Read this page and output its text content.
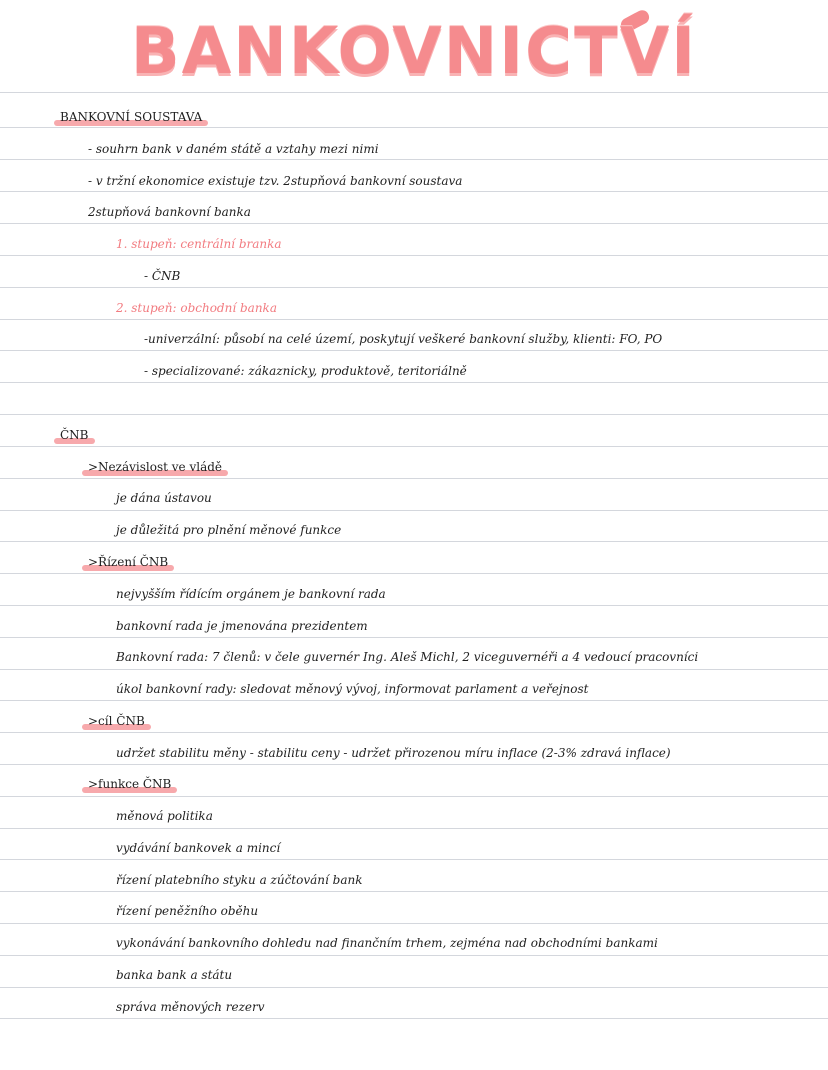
BANKOVNICTVÍ
BANKOVNÍ SOUSTAVA
- souhrn bank v daném státě a vztahy mezi nimi
- v tržní ekonomice existuje tzv. 2stupňová bankovní soustava
2stupňová bankovní banka
1. stupeň: centrální branka
- ČNB
2. stupeň: obchodní banka
-univerzální: působí na celé území, poskytují veškeré bankovní služby, klienti: FO, PO
- specializované: zákaznicky, produktově, teritoriálně
ČNB
>Nezávislost ve vládě
je dána ústavou
je důležitá pro plnění měnové funkce
>Řízení ČNB
nejvyšším řídícím orgánem je bankovní rada
bankovní rada je jmenována prezidentem
Bankovní rada: 7 členů: v čele guvernér Ing. Aleš Michl, 2 viceguvernéři a 4 vedoucí pracovníci
úkol bankovní rady: sledovat měnový vývoj, informovat parlament a veřejnost
>cíl ČNB
udržet stabilitu měny - stabilitu ceny - udržet přirozenou míru inflace (2-3% zdravá inflace)
>funkce ČNB
měnová politika
vydávání bankovek a mincí
řízení platebního styku a zúčtování bank
řízení peněžního oběhu
vykonávání bankovního dohledu nad finančním trhem, zejména nad obchodními bankami
banka bank a státu
správa měnových rezerv
